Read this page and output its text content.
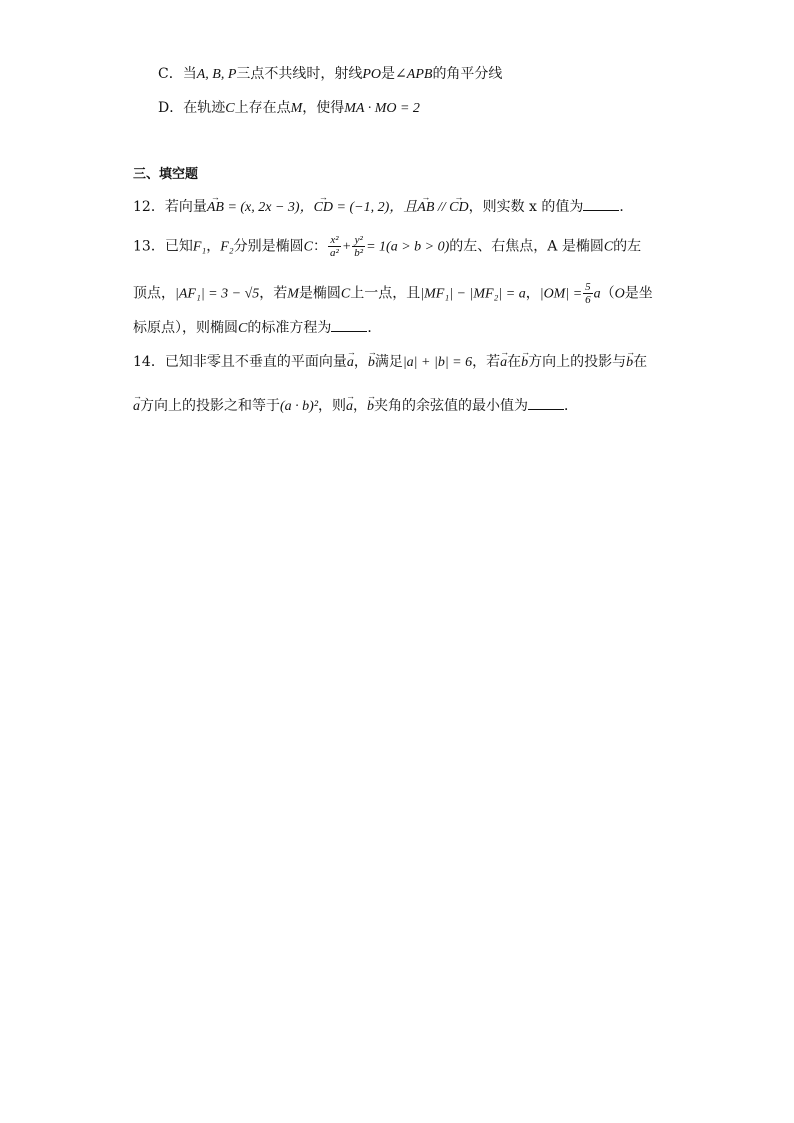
C．当A, B, P三点不共线时，射线PO是∠APB的角平分线
D．在轨迹C上存在点M，使得MA · MO = 2
三、填空题
12．若向量→ AB = (x, 2x − 3)，→ CD = (−1, 2)，且→ AB // → CD，则实数 x 的值为	．
13．已知F₁，F₂分别是椭圆C： $\frac{\text{x²}}{\text{a²}} + \frac{\text{y²}}{\text{b²}} = 1(a > b > 0)$的左、右焦点，A 是椭圆C的左
顶点，|AF₁| = 3 − √5，若M是椭圆C上一点，且|MF₁| − |MF₂| = a，$|OM| = \frac{5}{6} a(O$是坐
标原点），则椭圆C的标准方程为	．
14．已知非零且不垂直的平面向量→ a，→ b满足|a| + |b| = 6，若→ a在→ b方向上的投影与→ b在
→ a方向上的投影之和等于(a · b)²，则→ a，→ b夹角的余弦值的最小值为	．
